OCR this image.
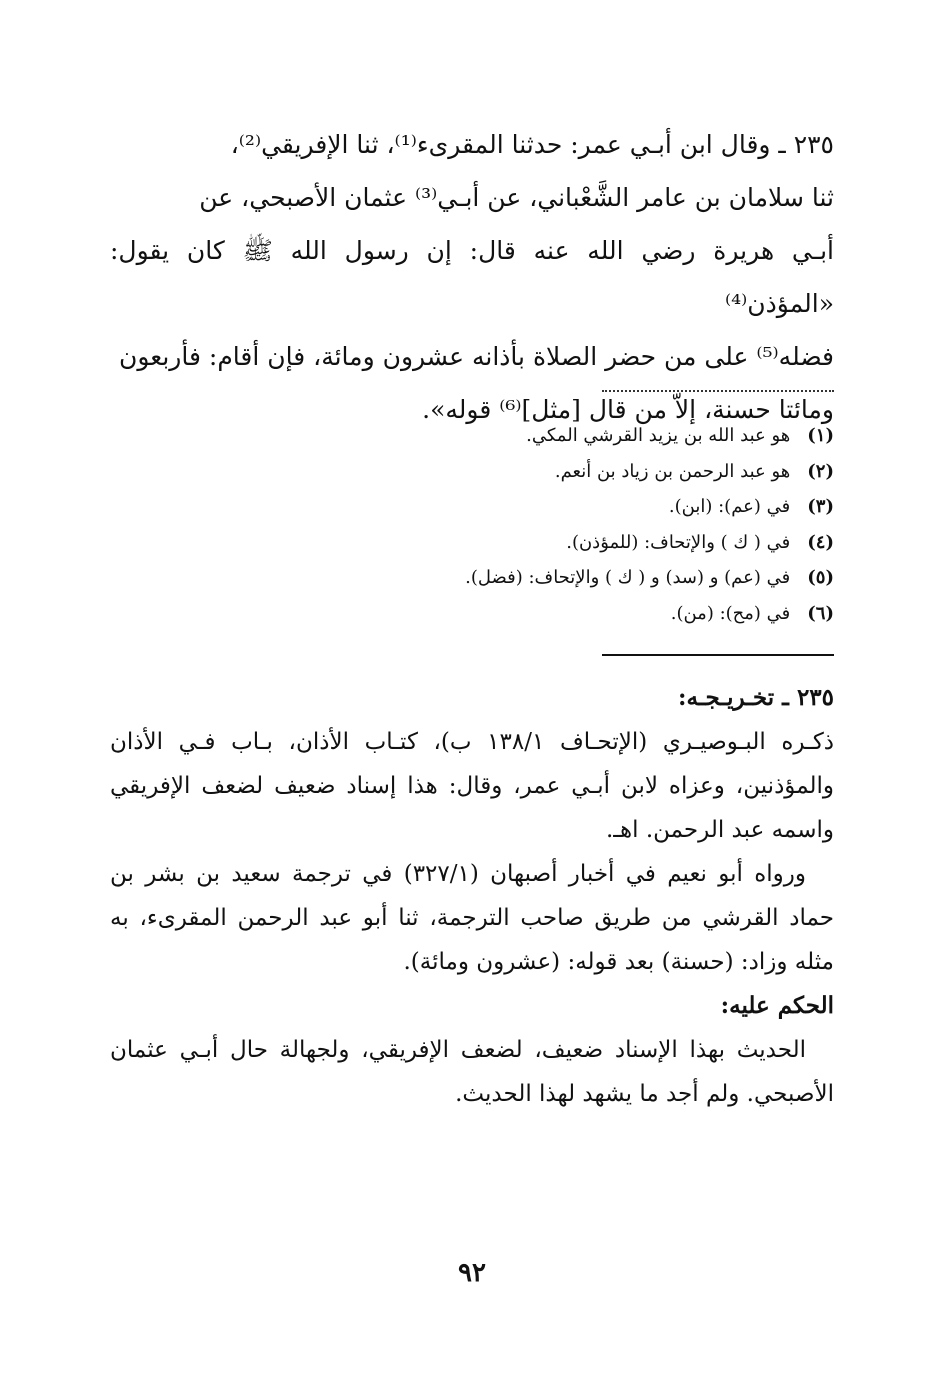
٢٣٥ ـ وقال ابن أبـي عمر: حدثنا المقرىء⁽¹⁾، ثنا الإفريقي⁽²⁾،

ثنا سلامان بن عامر الشَّعْباني، عن أبـي⁽³⁾ عثمان الأصبحي، عن

أبـي هريرة رضي الله عنه قال: إن رسول الله ﷺ كان يقول: «المؤذن⁽⁴⁾

فضله⁽⁵⁾ على من حضر الصلاة بأذانه عشرون ومائة، فإن أقام: فأربعون

ومائتا حسنة، إلاّ من قال [مثل]⁽⁶⁾ قوله».

(١) هو عبد الله بن يزيد القرشي المكي.
(٢) هو عبد الرحمن بن زياد بن أنعم.
(٣) في (عم): (ابن).
(٤) في ( ك ) والإتحاف: (للمؤذن).
(٥) في (عم) و (سد) و ( ك ) والإتحاف: (فضل).
(٦) في (مح): (من).

٢٣٥ ـ تخـريـجـه:

ذكـره البـوصيـري (الإتحـاف ١٣٨/١ ب)، كتـاب الأذان، بـاب فـي الأذان والمؤذنين، وعزاه لابن أبـي عمر، وقال: هذا إسناد ضعيف لضعف الإفريقي واسمه عبد الرحمن. اهـ.

ورواه أبو نعيم في أخبار أصبهان (٣٢٧/١) في ترجمة سعيد بن بشر بن حماد القرشي من طريق صاحب الترجمة، ثنا أبو عبد الرحمن المقرىء، به مثله وزاد: (حسنة) بعد قوله: (عشرون ومائة).

الحكم عليه:

الحديث بهذا الإسناد ضعيف، لضعف الإفريقي، ولجهالة حال أبـي عثمان الأصبحي. ولم أجد ما يشهد لهذا الحديث.

٩٢
